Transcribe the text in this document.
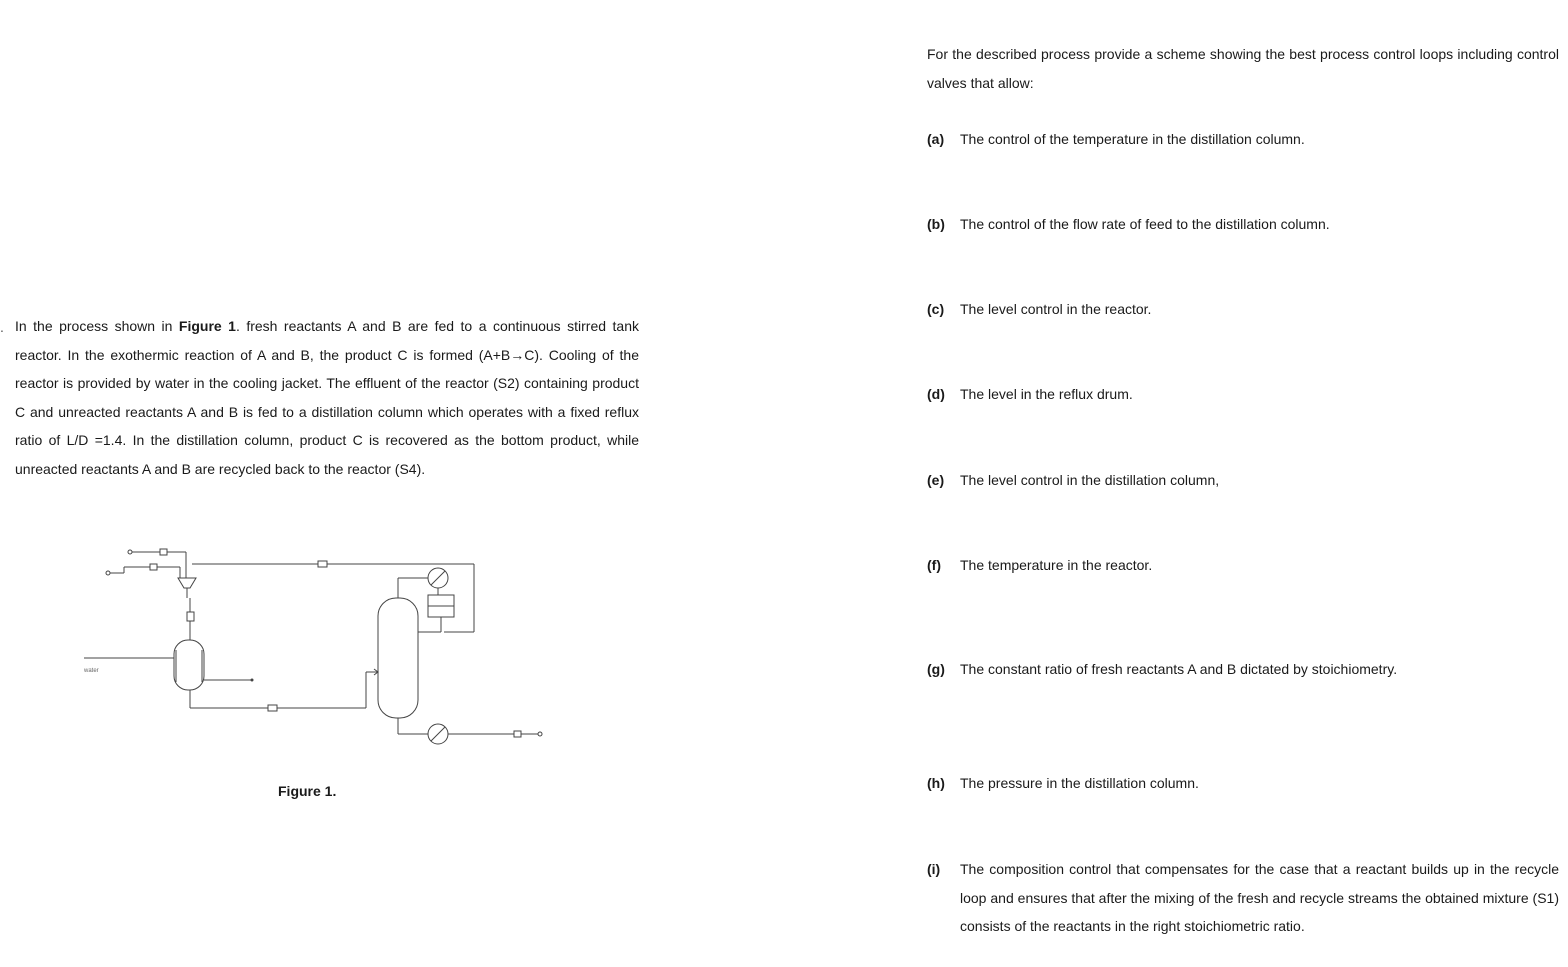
. In the process shown in Figure 1. fresh reactants A and B are fed to a continuous stirred tank reactor. In the exothermic reaction of A and B, the product C is formed (A+B→C). Cooling of the reactor is provided by water in the cooling jacket. The effluent of the reactor (S2) containing product C and unreacted reactants A and B is fed to a distillation column which operates with a fixed reflux ratio of L/D =1.4. In the distillation column, product C is recovered as the bottom product, while unreacted reactants A and B are recycled back to the reactor (S4).
water
Figure 1.
For the described process provide a scheme showing the best process control loops including control valves that allow:
(a)	The control of the temperature in the distillation column.
(b)	The control of the flow rate of feed to the distillation column.
(c)	The level control in the reactor.
(d)	The level in the reflux drum.
(e)	The level control in the distillation column,
(f)	The temperature in the reactor.
(g)	The constant ratio of fresh reactants A and B dictated by stoichiometry.
(h)	The pressure in the distillation column.
(i)	The composition control that compensates for the case that a reactant builds up in the recycle loop and ensures that after the mixing of the fresh and recycle streams the obtained mixture (S1) consists of the reactants in the right stoichiometric ratio.
